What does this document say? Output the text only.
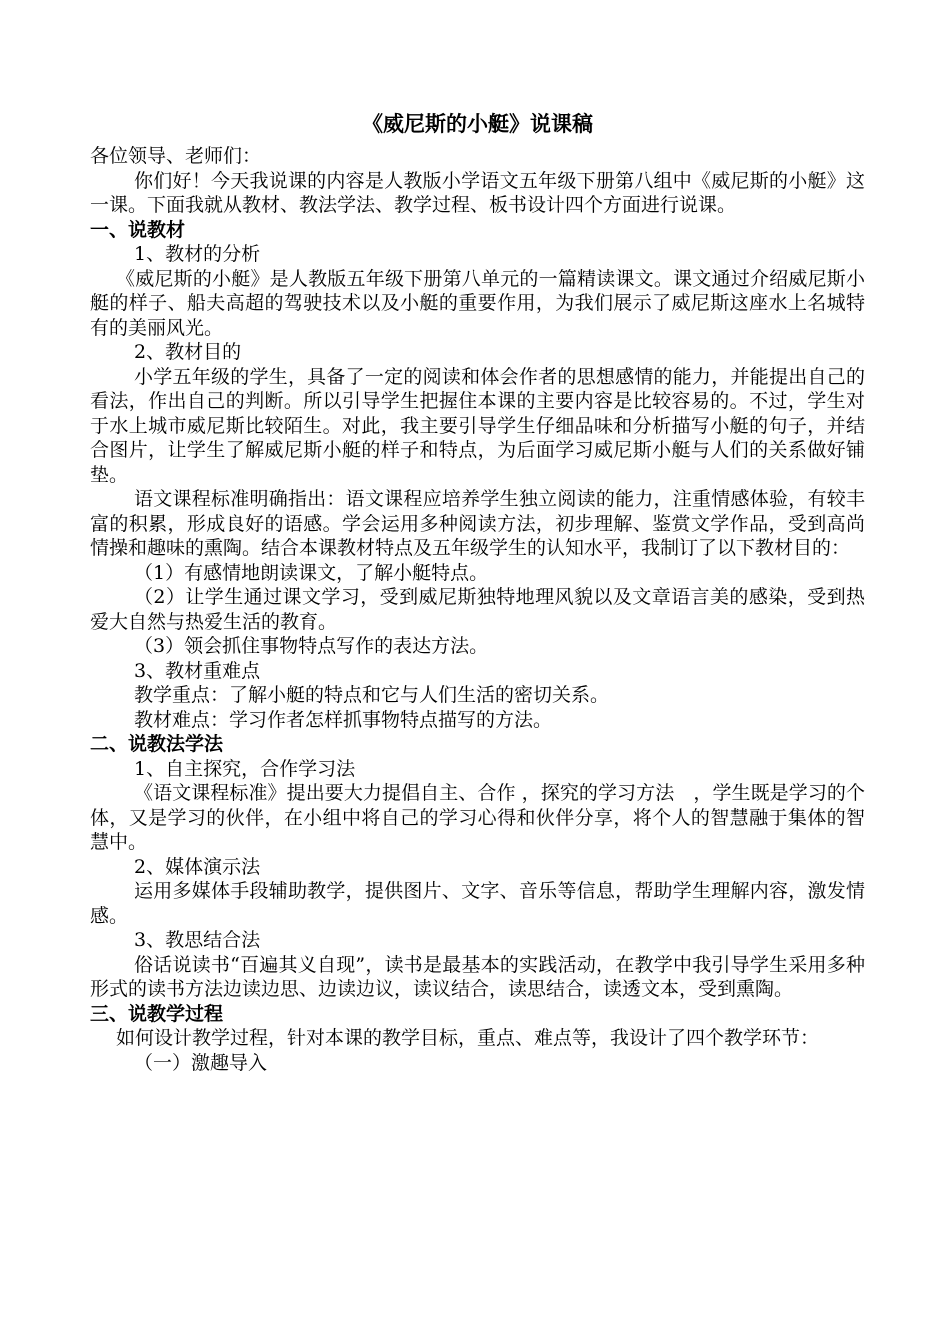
《威尼斯的小艇》说课稿

各位领导、老师们：

你们好！今天我说课的内容是人教版小学语文五年级下册第八组中《威尼斯的小艇》这一课。下面我就从教材、教法学法、教学过程、板书设计四个方面进行说课。

一、说教材

1、教材的分析

《威尼斯的小艇》是人教版五年级下册第八单元的一篇精读课文。课文通过介绍威尼斯小艇的样子、船夫高超的驾驶技术以及小艇的重要作用，为我们展示了威尼斯这座水上名城特有的美丽风光。

2、教材目的

小学五年级的学生，具备了一定的阅读和体会作者的思想感情的能力，并能提出自己的看法，作出自己的判断。所以引导学生把握住本课的主要内容是比较容易的。不过，学生对于水上城市威尼斯比较陌生。对此，我主要引导学生仔细品味和分析描写小艇的句子，并结合图片，让学生了解威尼斯小艇的样子和特点，为后面学习威尼斯小艇与人们的关系做好铺垫。

语文课程标准明确指出：语文课程应培养学生独立阅读的能力，注重情感体验，有较丰富的积累，形成良好的语感。学会运用多种阅读方法，初步理解、鉴赏文学作品，受到高尚情操和趣味的熏陶。结合本课教材特点及五年级学生的认知水平，我制订了以下教材目的：

（1）有感情地朗读课文，了解小艇特点。

（2）让学生通过课文学习，受到威尼斯独特地理风貌以及文章语言美的感染，受到热爱大自然与热爱生活的教育。

（3）领会抓住事物特点写作的表达方法。

3、教材重难点

教学重点：了解小艇的特点和它与人们生活的密切关系。

教材难点：学习作者怎样抓事物特点描写的方法。

二、说教法学法

1、自主探究，合作学习法

《语文课程标准》提出要大力提倡自主、合作 ，探究的学习方法　，学生既是学习的个体，又是学习的伙伴，在小组中将自己的学习心得和伙伴分享，将个人的智慧融于集体的智慧中。

2、媒体演示法

运用多媒体手段辅助教学，提供图片、文字、音乐等信息，帮助学生理解内容，激发情感。

3、教思结合法

俗话说读书“百遍其义自现”，读书是最基本的实践活动，在教学中我引导学生采用多种形式的读书方法边读边思、边读边议，读议结合，读思结合，读透文本，受到熏陶。

三、说教学过程

如何设计教学过程，针对本课的教学目标，重点、难点等，我设计了四个教学环节：

（一）激趣导入
